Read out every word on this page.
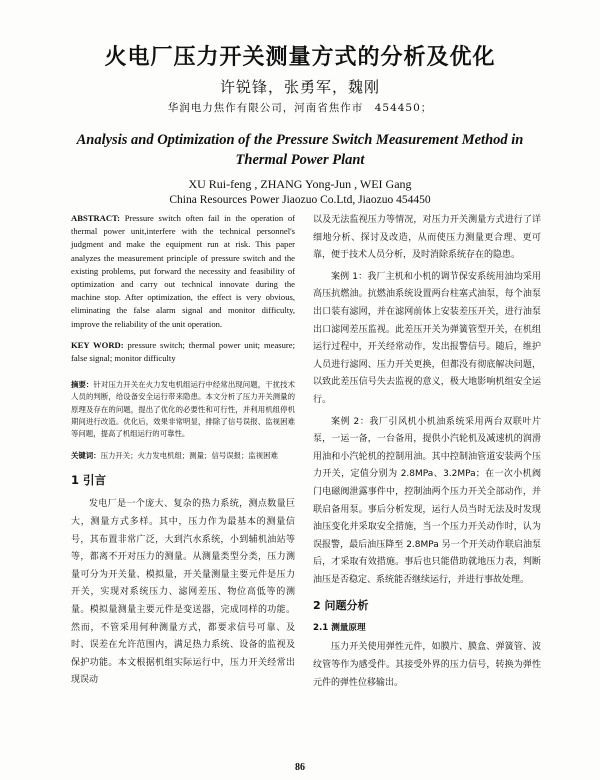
火电厂压力开关测量方式的分析及优化
许锐锋，张勇军，魏刚
华润电力焦作有限公司，河南省焦作市　454450；
Analysis and Optimization of the Pressure Switch Measurement Method in Thermal Power Plant
XU Rui-feng , ZHANG Yong-Jun , WEI Gang
China Resources Power Jiaozuo Co.Ltd, Jiaozuo 454450

ABSTRACT: Pressure switch often fail in the operation of thermal power unit,interfere with the technical personnel's judgment and make the equipment run at risk. This paper analyzes the measurement principle of pressure switch and the existing problems, put forward the necessity and feasibility of optimization and carry out technical innovate during the machine stop. After optimization, the effect is very obvious, eliminating the false alarm signal and monitor difficulty, improve the reliability of the unit operation.

KEY WORD: pressure switch; thermal power unit; measure; false signal; monitor difficulty

摘要：针对压力开关在火力发电机组运行中经常出现问题，干扰技术人员的判断，给设备安全运行带来隐患。本文分析了压力开关测量的原理及存在的问题，提出了优化的必要性和可行性，并利用机组停机期间进行改造。优化后，效果非常明显，排除了信号误报、监视困难等问题，提高了机组运行的可靠性。

关键词：压力开关；火力发电机组；测量；信号误报；监视困难

1 引言

发电厂是一个庞大、复杂的热力系统，测点数量巨大，测量方式多样。其中，压力作为最基本的测量信号，其布置非常广泛，大到汽水系统，小到辅机油站等等，都离不开对压力的测量。从测量类型分类，压力测量可分为开关量、模拟量，开关量测量主要元件是压力开关，实现对系统压力、滤网差压、物位高低等的测量。模拟量测量主要元件是变送器，完成同样的功能。然而，不管采用何种测量方式，都要求信号可靠、及时、误差在允许范围内，满足热力系统、设备的监视及保护功能。本文根据机组实际运行中，压力开关经常出现误动

以及无法监视压力等情况，对压力开关测量方式进行了详细地分析、探讨及改造，从而使压力测量更合理、更可靠，便于技术人员分析，及时消除系统存在的隐患。

案例 1：我厂主机和小机的调节保安系统用油均采用高压抗燃油。抗燃油系统设置两台柱塞式油泵，每个油泵出口装有滤网，并在滤网前体上安装差压开关，进行油泵出口滤网差压监视。此差压开关为弹簧管型开关，在机组运行过程中，开关经常动作，发出报警信号。随后，维护人员进行滤网、压力开关更换，但都没有彻底解决问题，以致此差压信号失去监视的意义，极大地影响机组安全运行。

案例 2：我厂引风机小机油系统采用两台双联叶片泵，一运一备，一台备用，提供小汽轮机及减速机的润滑用油和小汽轮机的控制用油。其中控制油管道安装两个压力开关，定值分别为 2.8MPa、3.2MPa；在一次小机阀门电磁阀泄露事件中，控制油两个压力开关全部动作，并联启备用泵。事后分析发现，运行人员当时无法及时发现油压变化并采取安全措施，当一个压力开关动作时，认为误报警，最后油压降至 2.8MPa 另一个开关动作联启油泵后，才采取有效措施。事后也只能借助就地压力表，判断油压是否稳定、系统能否继续运行，并进行事故处理。

2 问题分析
2.1 测量原理

压力开关使用弹性元件，如膜片、膜盒、弹簧管、波纹管等作为感受件。其接受外界的压力信号，转换为弹性元件的弹性位移输出。

86
